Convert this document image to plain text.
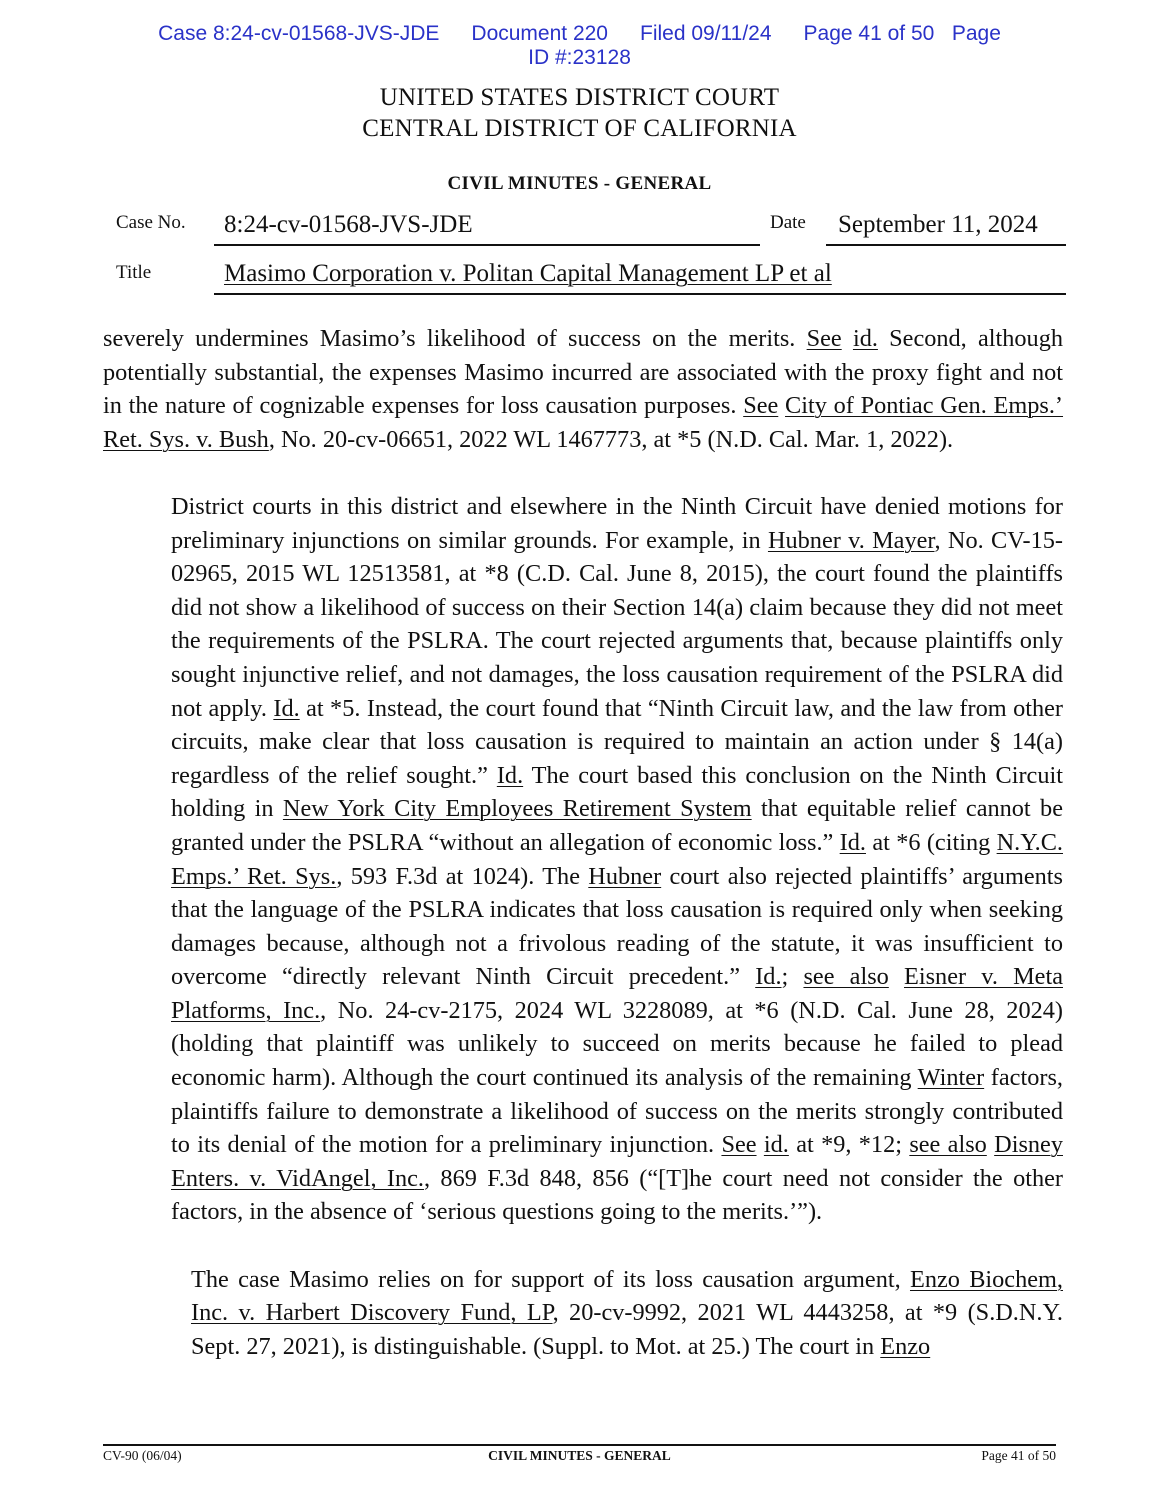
Case 8:24-cv-01568-JVS-JDE Document 220 Filed 09/11/24 Page 41 of 50 Page
ID #:23128
UNITED STATES DISTRICT COURT
CENTRAL DISTRICT OF CALIFORNIA
CIVIL MINUTES - GENERAL
Case No. 8:24-cv-01568-JVS-JDE	Date September 11, 2024
Title	Masimo Corporation v. Politan Capital Management LP et al

severely undermines Masimo’s likelihood of success on the merits. See id. Second, although potentially substantial, the expenses Masimo incurred are associated with the proxy fight and not in the nature of cognizable expenses for loss causation purposes. See City of Pontiac Gen. Emps.’ Ret. Sys. v. Bush, No. 20-cv-06651, 2022 WL 1467773, at *5 (N.D. Cal. Mar. 1, 2022).

District courts in this district and elsewhere in the Ninth Circuit have denied motions for preliminary injunctions on similar grounds. For example, in Hubner v. Mayer, No. CV-15-02965, 2015 WL 12513581, at *8 (C.D. Cal. June 8, 2015), the court found the plaintiffs did not show a likelihood of success on their Section 14(a) claim because they did not meet the requirements of the PSLRA. The court rejected arguments that, because plaintiffs only sought injunctive relief, and not damages, the loss causation requirement of the PSLRA did not apply. Id. at *5. Instead, the court found that “Ninth Circuit law, and the law from other circuits, make clear that loss causation is required to maintain an action under § 14(a) regardless of the relief sought.” Id. The court based this conclusion on the Ninth Circuit holding in New York City Employees Retirement System that equitable relief cannot be granted under the PSLRA “without an allegation of economic loss.” Id. at *6 (citing N.Y.C. Emps.’ Ret. Sys., 593 F.3d at 1024). The Hubner court also rejected plaintiffs’ arguments that the language of the PSLRA indicates that loss causation is required only when seeking damages because, although not a frivolous reading of the statute, it was insufficient to overcome “directly relevant Ninth Circuit precedent.” Id.; see also Eisner v. Meta Platforms, Inc., No. 24-cv-2175, 2024 WL 3228089, at *6 (N.D. Cal. June 28, 2024) (holding that plaintiff was unlikely to succeed on merits because he failed to plead economic harm). Although the court continued its analysis of the remaining Winter factors, plaintiffs failure to demonstrate a likelihood of success on the merits strongly contributed to its denial of the motion for a preliminary injunction. See id. at *9, *12; see also Disney Enters. v. VidAngel, Inc., 869 F.3d 848, 856 (“[T]he court need not consider the other factors, in the absence of ‘serious questions going to the merits.’”).

The case Masimo relies on for support of its loss causation argument, Enzo Biochem, Inc. v. Harbert Discovery Fund, LP, 20-cv-9992, 2021 WL 4443258, at *9 (S.D.N.Y. Sept. 27, 2021), is distinguishable. (Suppl. to Mot. at 25.) The court in Enzo

CV-90 (06/04)	CIVIL MINUTES - GENERAL	Page 41 of 50
